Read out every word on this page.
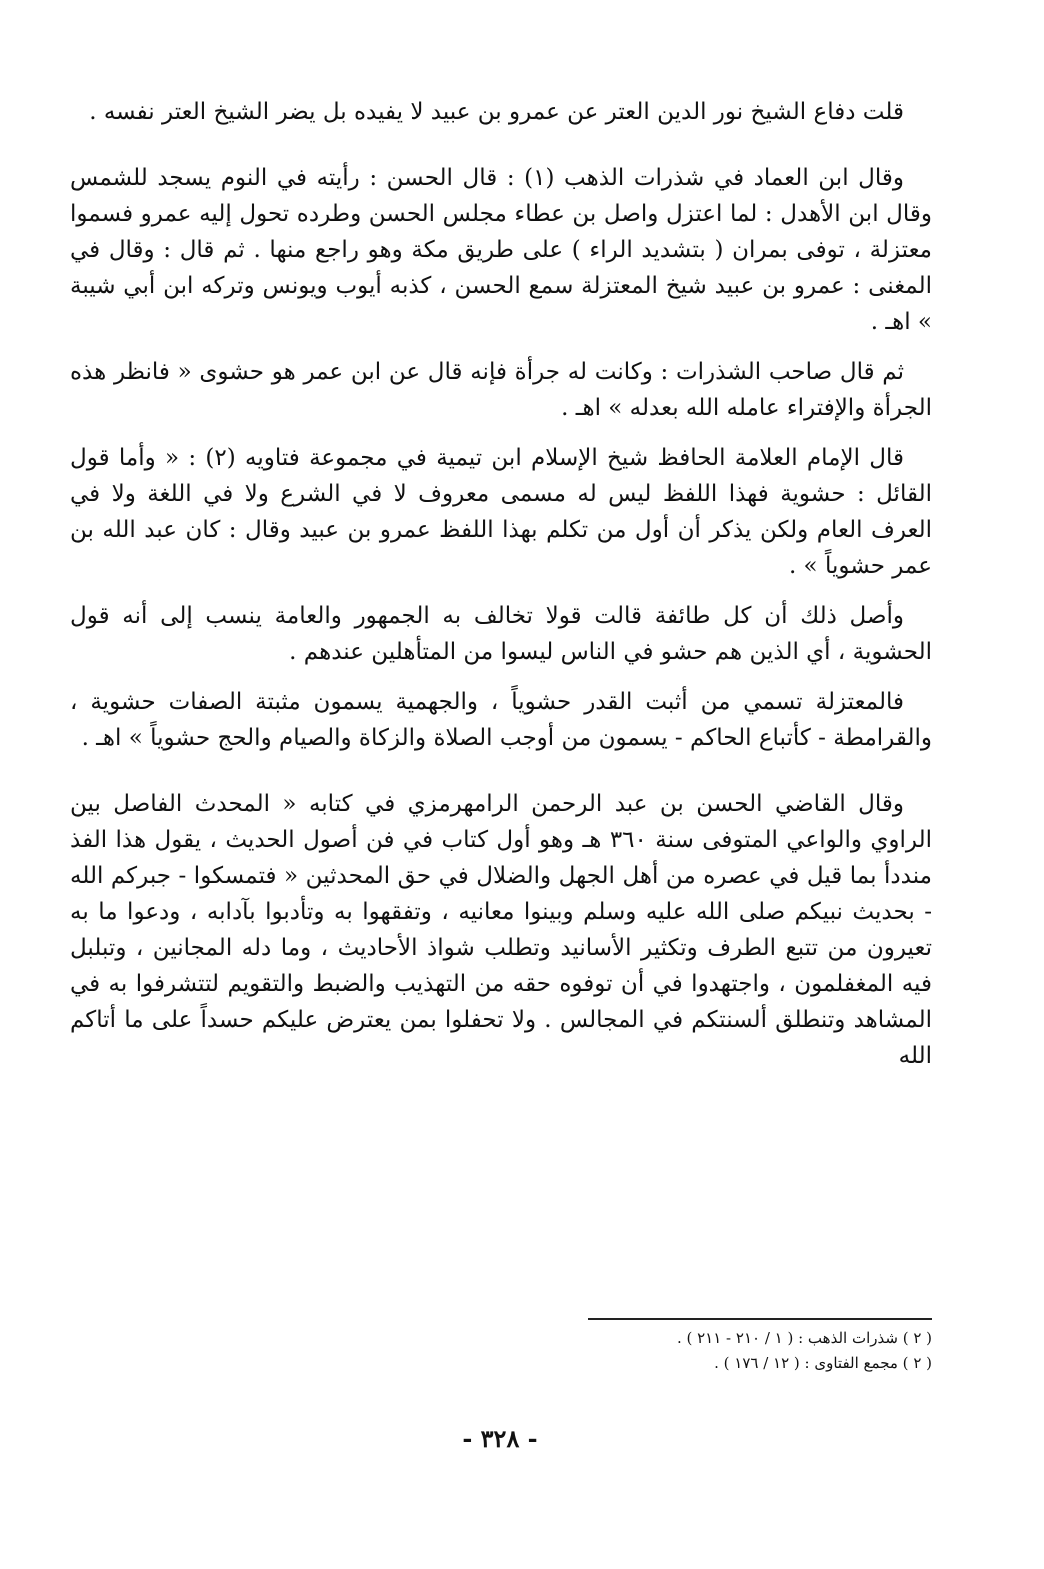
قلت دفاع الشيخ نور الدين العتر عن عمرو بن عبيد لا يفيده بل يضر الشيخ العتر نفسه .

وقال ابن العماد في شذرات الذهب (١) : قال الحسن : رأيته في النوم يسجد للشمس وقال ابن الأهدل : لما اعتزل واصل بن عطاء مجلس الحسن وطرده تحول إليه عمرو فسموا معتزلة ، توفى بمران ( بتشديد الراء ) على طريق مكة وهو راجع منها . ثم قال : وقال في المغنى : عمرو بن عبيد شيخ المعتزلة سمع الحسن ، كذبه أيوب ويونس وتركه ابن أبي شيبة » اهـ .

ثم قال صاحب الشذرات : وكانت له جرأة فإنه قال عن ابن عمر هو حشوى « فانظر هذه الجرأة والإفتراء عامله الله بعدله » اهـ .

قال الإمام العلامة الحافظ شيخ الإسلام ابن تيمية في مجموعة فتاويه (٢) : « وأما قول القائل : حشوية فهذا اللفظ ليس له مسمى معروف لا في الشرع ولا في اللغة ولا في العرف العام ولكن يذكر أن أول من تكلم بهذا اللفظ عمرو بن عبيد وقال : كان عبد الله بن عمر حشوياً » .

وأصل ذلك أن كل طائفة قالت قولا تخالف به الجمهور والعامة ينسب إلى أنه قول الحشوية ، أي الذين هم حشو في الناس ليسوا من المتأهلين عندهم .

فالمعتزلة تسمي من أثبت القدر حشوياً ، والجهمية يسمون مثبتة الصفات حشوية ، والقرامطة - كأتباع الحاكم - يسمون من أوجب الصلاة والزكاة والصيام والحج حشوياً » اهـ .

وقال القاضي الحسن بن عبد الرحمن الرامهرمزي في كتابه « المحدث الفاصل بين الراوي والواعي المتوفى سنة ٣٦٠ هـ وهو أول كتاب في فن أصول الحديث ، يقول هذا الفذ منددأ بما قيل في عصره من أهل الجهل والضلال في حق المحدثين « فتمسكوا - جبركم الله - بحديث نبيكم صلى الله عليه وسلم وبينوا معانيه ، وتفقهوا به وتأدبوا بآدابه ، ودعوا ما به تعيرون من تتبع الطرف وتكثير الأسانيد وتطلب شواذ الأحاديث ، وما دله المجانين ، وتبلبل فيه المغفلمون ، واجتهدوا في أن توفوه حقه من التهذيب والضبط والتقويم لتتشرفوا به في المشاهد وتنطلق ألسنتكم في المجالس . ولا تحفلوا بمن يعترض عليكم حسداً على ما أتاكم الله

( ٢ ) شذرات الذهب : ( ١ / ٢١٠ - ٢١١ ) .

( ٢ ) مجمع الفتاوى : ( ١٢ / ١٧٦ ) .

- ٣٢٨ -
